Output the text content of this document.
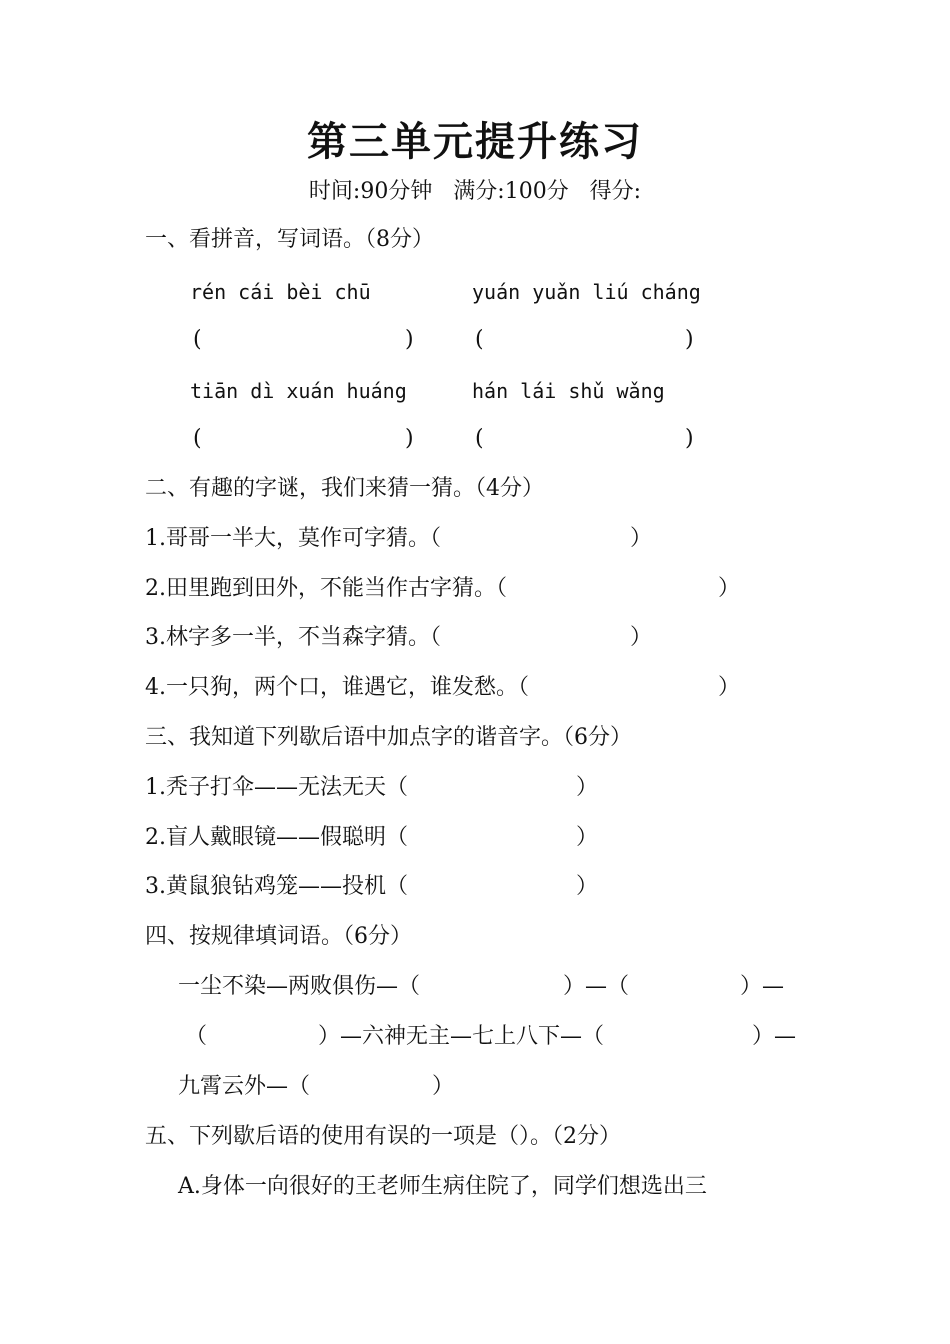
第三单元提升练习
时间:90分钟   满分:100分   得分:
一、看拼音，写词语。（8分）
rén cái bèi chū	yuán yuǎn liú cháng
(	)	(	)
tiān dì xuán huáng	hán lái shǔ wǎng
(	)	(	)
二、有趣的字谜，我们来猜一猜。（4分）
1.哥哥一半大，莫作可字猜。（	）
2.田里跑到田外，不能当作古字猜。（	）
3.林字多一半，不当森字猜。（	）
4.一只狗，两个口，谁遇它，谁发愁。（	）
三、我知道下列歇后语中加点字的谐音字。（6分）
1.秃子打伞——无法无天（	）
2.盲人戴眼镜——假聪明（	）
3.黄鼠狼钻鸡笼——投机（	）
四、按规律填词语。（6分）
一尘不染—两败俱伤—（	）—（	）—
（	）—六神无主—七上八下—（	）—
九霄云外—（	）
五、下列歇后语的使用有误的一项是（）。（2分）
A.身体一向很好的王老师生病住院了，同学们想选出三
